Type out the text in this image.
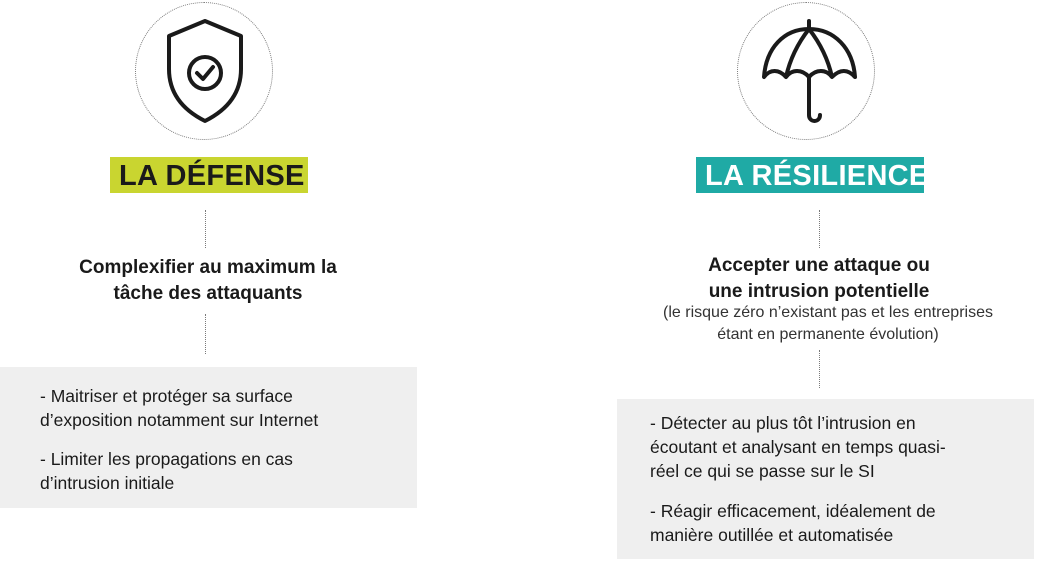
LA DÉFENSE
Complexifier au maximum la
tâche des attaquants
- Maitriser et protéger sa surface
d’exposition notamment sur Internet
- Limiter les propagations en cas
d’intrusion initiale
LA RÉSILIENCE
Accepter une attaque ou
une intrusion potentielle
(le risque zéro n’existant pas et les entreprises
étant en permanente évolution)
- Détecter au plus tôt l’intrusion en
écoutant et analysant en temps quasi-
réel ce qui se passe sur le SI
- Réagir efficacement, idéalement de
manière outillée et automatisée
